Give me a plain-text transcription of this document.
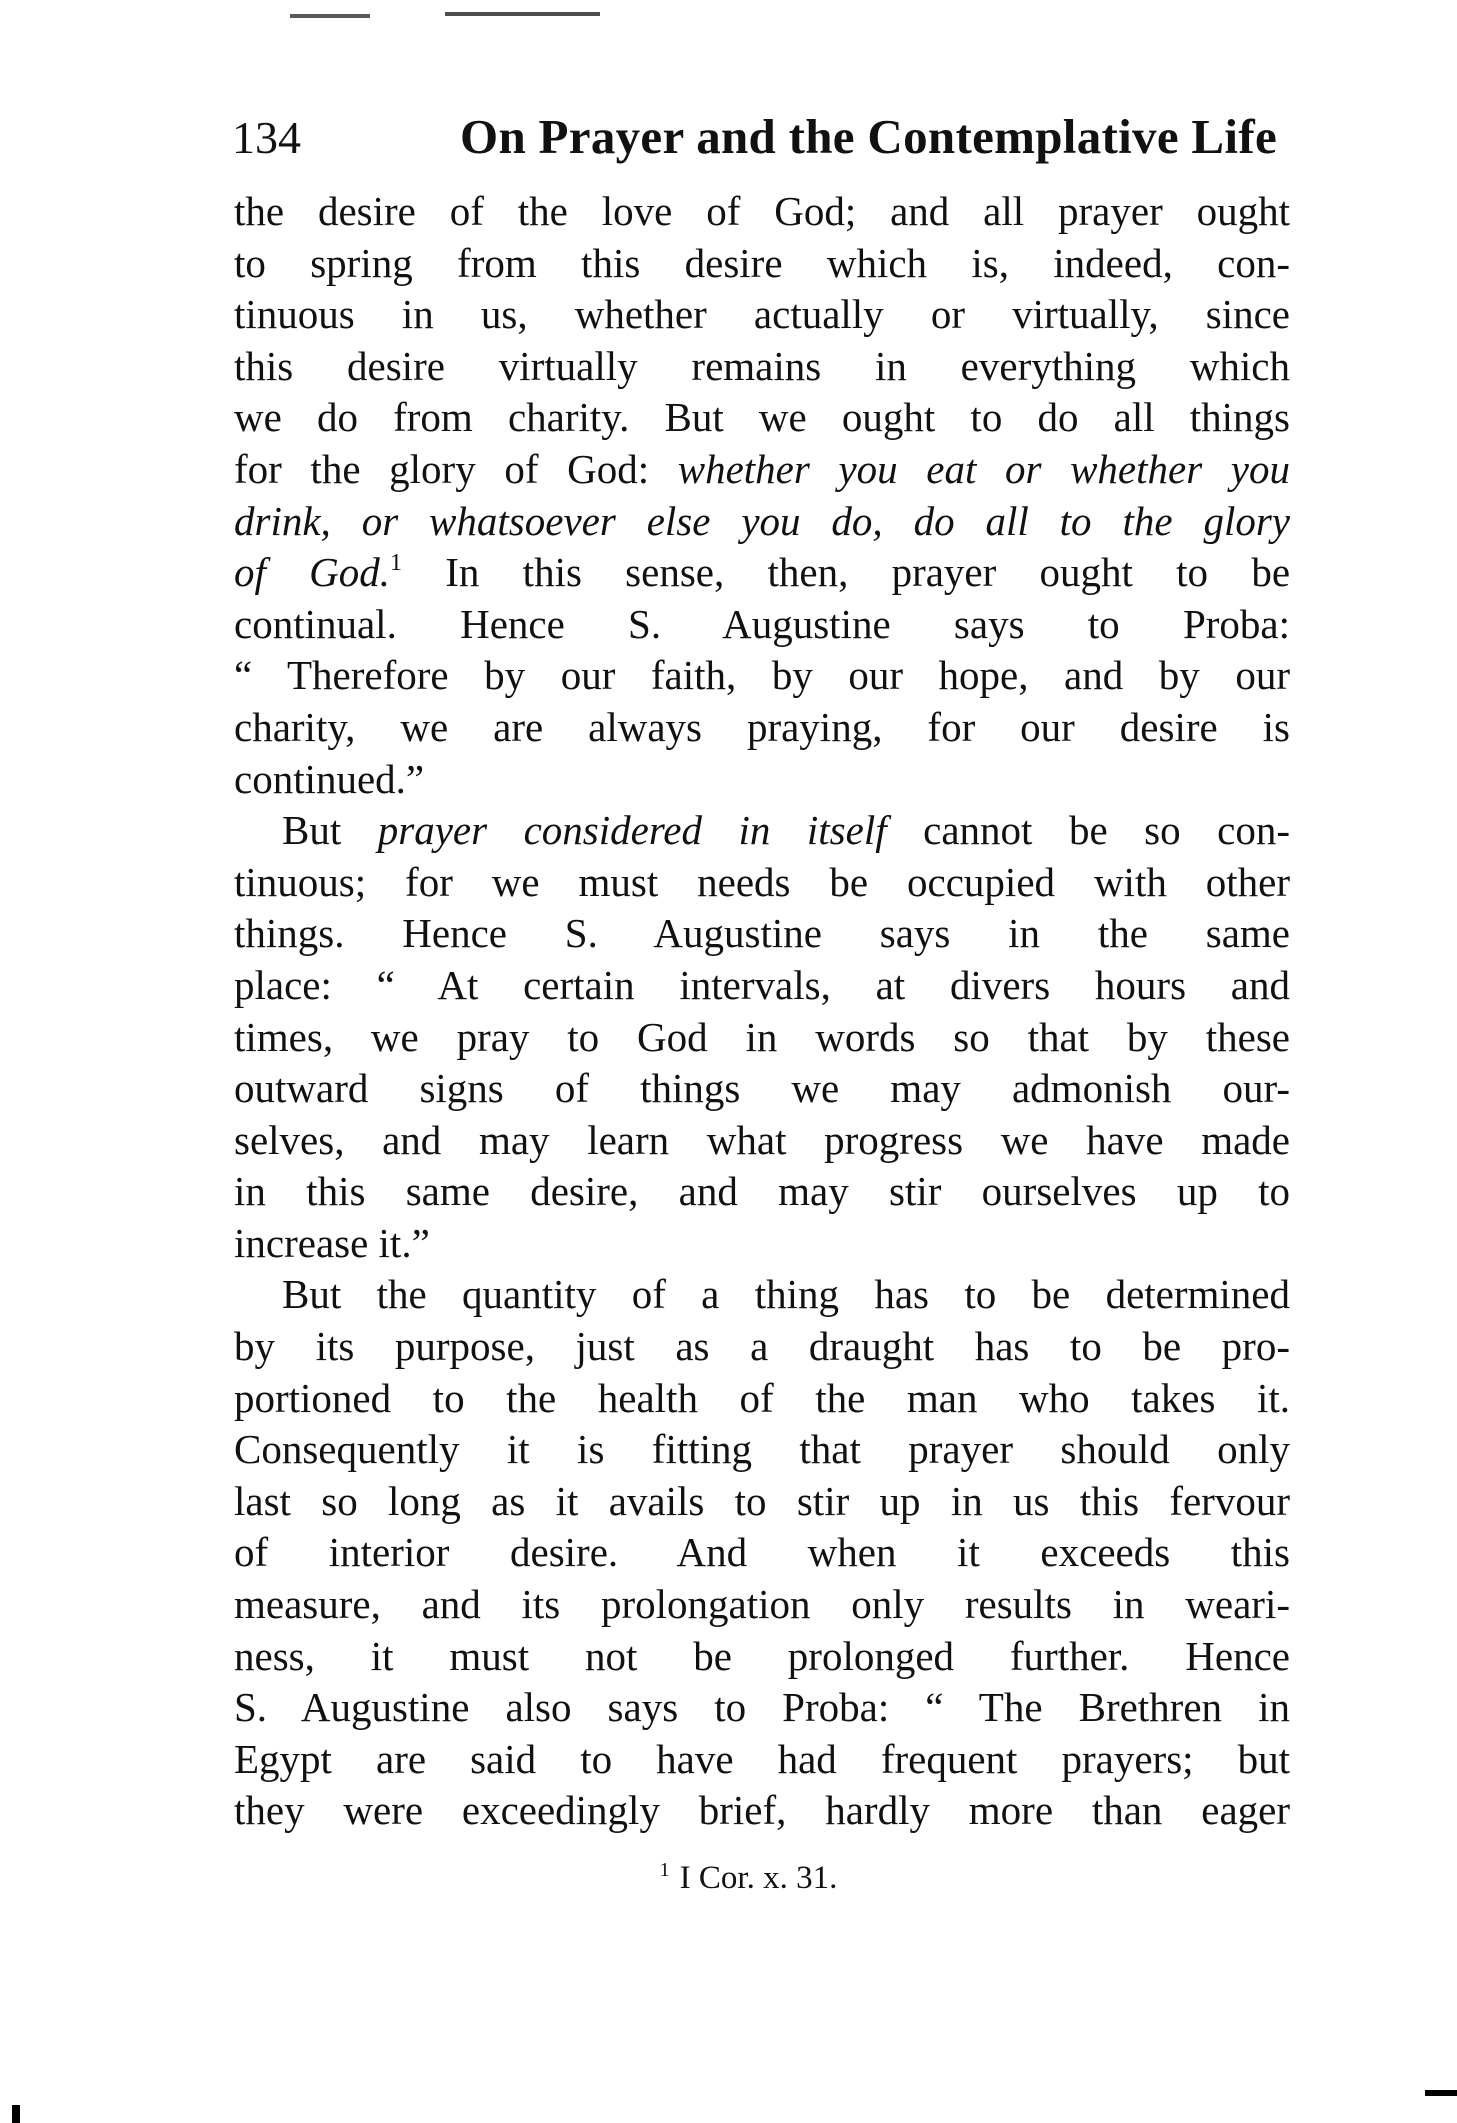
134	On Prayer and the Contemplative Life
the desire of the love of God; and all prayer ought
to spring from this desire which is, indeed, con-
tinuous in us, whether actually or virtually, since
this desire virtually remains in everything which
we do from charity. But we ought to do all things
for the glory of God: whether you eat or whether you
drink, or whatsoever else you do, do all to the glory
of God.$^1$ In this sense, then, prayer ought to be
continual. Hence S. Augustine says to Proba:
“ Therefore by our faith, by our hope, and by our
charity, we are always praying, for our desire is
continued.”
But prayer considered in itself cannot be so con-
tinuous; for we must needs be occupied with other
things. Hence S. Augustine says in the same
place: “ At certain intervals, at divers hours and
times, we pray to God in words so that by these
outward signs of things we may admonish our-
selves, and may learn what progress we have made
in this same desire, and may stir ourselves up to
increase it.”
But the quantity of a thing has to be determined
by its purpose, just as a draught has to be pro-
portioned to the health of the man who takes it.
Consequently it is fitting that prayer should only
last so long as it avails to stir up in us this fervour
of interior desire. And when it exceeds this
measure, and its prolongation only results in weari-
ness, it must not be prolonged further. Hence
S. Augustine also says to Proba: “ The Brethren in
Egypt are said to have had frequent prayers; but
they were exceedingly brief, hardly more than eager
$^1$ I Cor. x. 31.
